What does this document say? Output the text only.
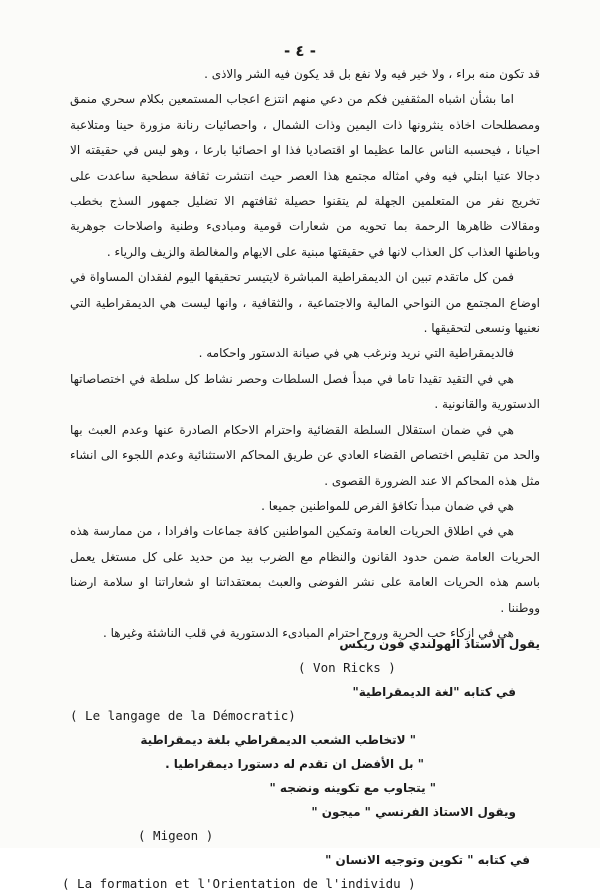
- ٤ -

قد تكون منه براء ، ولا خير فيه ولا نفع بل قد يكون فيه الشر والاذى .

اما بشأن اشباه المثقفين فكم من دعي منهم انتزع اعجاب المستمعين بكلام سحري منمق ومصطلحات اخاذه ينثرونها ذات اليمين وذات الشمال ، واحصائيات رنانة مزورة حينا ومتلاعبة احيانا ، فيحسبه الناس عالما عظيما او اقتصاديا فذا او احصائيا بارعا ، وهو ليس في حقيقته الا دجالا عتيا ابتلي فيه وفي امثاله مجتمع هذا العصر حيث انتشرت ثقافة سطحية ساعدت على تخريج نفر من المتعلمين الجهلة لم يتقنوا حصيلة ثقافتهم الا تضليل جمهور السذج بخطب ومقالات ظاهرها الرحمة بما تحويه من شعارات قومية ومبادىء وطنية واصلاحات جوهرية وباطنها العذاب كل العذاب لانها في حقيقتها مبنية على الايهام والمغالطة والزيف والرياء .

فمن كل ماتقدم تبين ان الديمقراطية المباشرة لايتيسر تحقيقها اليوم لفقدان المساواة في اوضاع المجتمع من النواحي المالية والاجتماعية ، والثقافية ، وانها ليست هي الديمقراطية التي نعنيها ونسعى لتحقيقها .

فالديمقراطية التي نريد ونرغب هي في صيانة الدستور واحكامه .

هي في التقيد تقيدا تاما في مبدأ فصل السلطات وحصر نشاط كل سلطة في اختصاصاتها الدستورية والقانونية .

هي في ضمان استقلال السلطة القضائية واحترام الاحكام الصادرة عنها وعدم العبث بها والحد من تقليص اختصاص القضاء العادي عن طريق المحاكم الاستثنائية وعدم اللجوء الى انشاء مثل هذه المحاكم الا عند الضرورة القصوى .

هي في ضمان مبدأ تكافؤ الفرص للمواطنين جميعا .

هي في اطلاق الحريات العامة وتمكين المواطنين كافة جماعات وافرادا ، من ممارسة هذه الحريات العامة ضمن حدود القانون والنظام مع الضرب بيد من حديد على كل مستغل يعمل باسم هذه الحريات العامة على نشر الفوضى والعبث بمعتقداتنا او شعاراتنا او سلامة ارضنا ووطننا .

هي في ازكاء حب الحرية وروح احترام المبادىء الدستورية في قلب الناشئة وغيرها .

يقول الاستاذ الهولندي فون ريكس
( Von Ricks )
في كتابه "لغة الديمقراطية"
( Le langage de la Démocratic)
" لاتخاطب الشعب الديمقراطي بلغة ديمقراطية
" بل الأفضل ان تقدم له دستورا ديمقراطيا .
" يتجاوب مع تكوينه ونضجه "
ويقول الاستاذ الفرنسي " ميجون "
( Migeon )
في كتابه " تكوين وتوجيه الانسان "
( La formation et l'Orientation de l'individu )
